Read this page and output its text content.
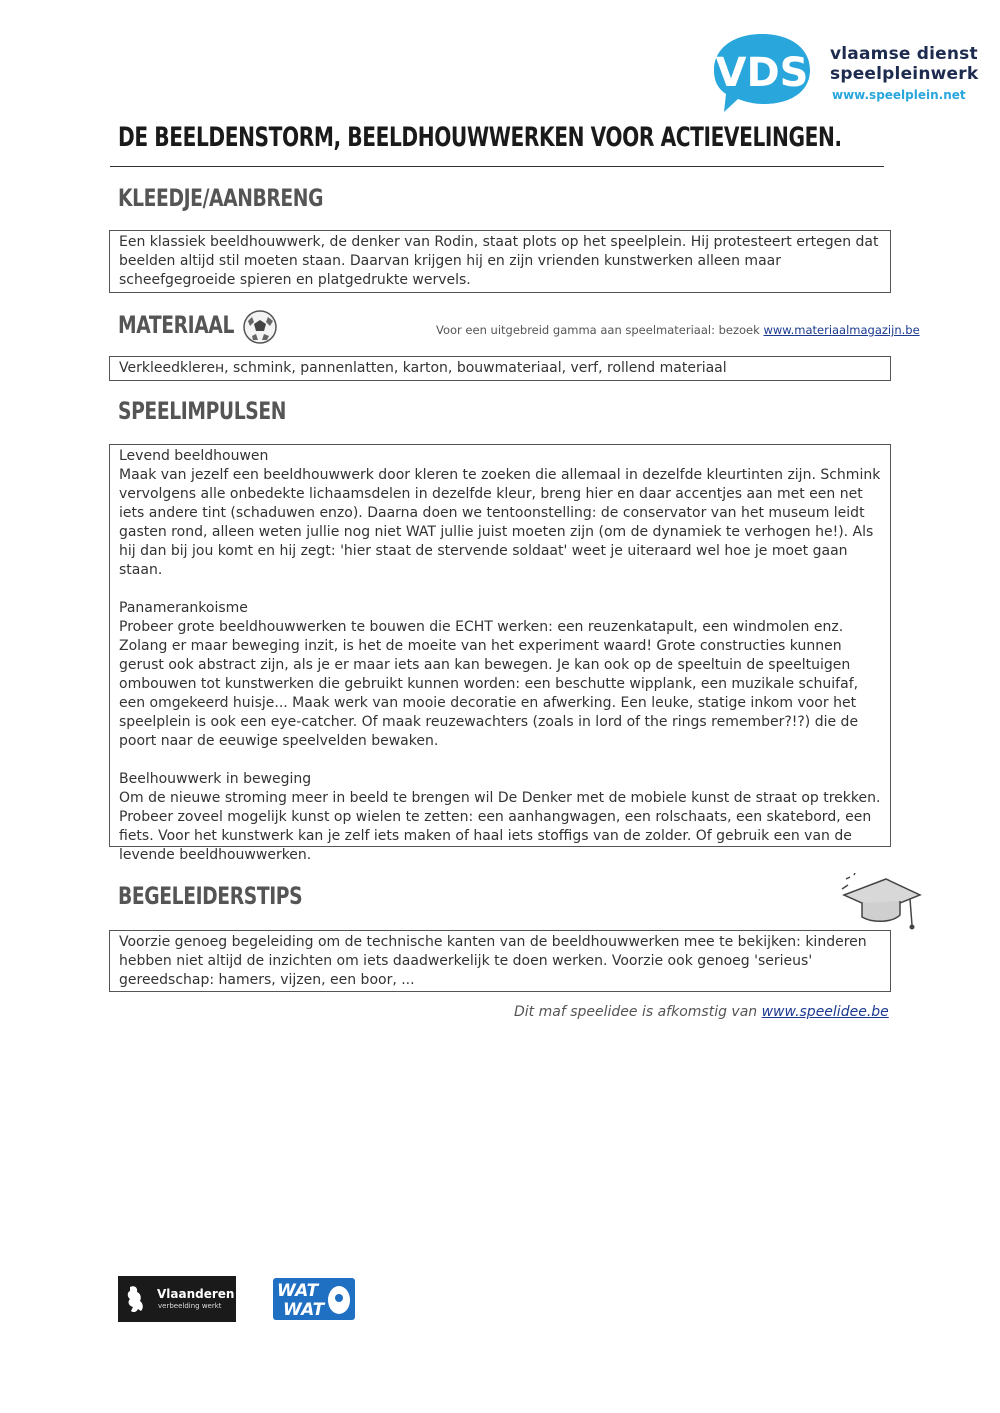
VDS vlaamse dienst
speelpleinwerk
www.speelplein.net
DE BEELDENSTORM, BEELDHOUWWERKEN VOOR ACTIEVELINGEN.
KLEEDJE/AANBRENG

Een klassiek beeldhouwwerk, de denker van Rodin, staat plots op het speelplein. Hij protesteert ertegen dat beelden altijd stil moeten staan. Daarvan krijgen hij en zijn vrienden kunstwerken alleen maar scheefgegroeide spieren en platgedrukte wervels.

MATERIAAL	Voor een uitgebreid gamma aan speelmateriaal: bezoek www.materiaalmagazijn.be

Verkleedklerен, schmink, pannenlatten, karton, bouwmateriaal, verf, rollend materiaal

SPEELIMPULSEN

Levend beeldhouwen

Maak van jezelf een beeldhouwwerk door kleren te zoeken die allemaal in dezelfde kleurtinten zijn. Schmink vervolgens alle onbedekte lichaamsdelen in dezelfde kleur, breng hier en daar accentjes aan met een net iets andere tint (schaduwen enzo). Daarna doen we tentoonstelling: de conservator van het museum leidt gasten rond, alleen weten jullie nog niet WAT jullie juist moeten zijn (om de dynamiek te verhogen he!). Als hij dan bij jou komt en hij zegt: 'hier staat de stervende soldaat' weet je uiteraard wel hoe je moet gaan staan.

Panamerankoisme

Probeer grote beeldhouwwerken te bouwen die ECHT werken: een reuzenkatapult, een windmolen enz. Zolang er maar beweging inzit, is het de moeite van het experiment waard! Grote constructies kunnen gerust ook abstract zijn, als je er maar iets aan kan bewegen. Je kan ook op de speeltuin de speeltuigen ombouwen tot kunstwerken die gebruikt kunnen worden: een beschutte wipplank, een muzikale schuifaf, een omgekeerd huisje... Maak werk van mooie decoratie en afwerking. Een leuke, statige inkom voor het speelplein is ook een eye-catcher. Of maak reuzewachters (zoals in lord of the rings remember?!?) die de poort naar de eeuwige speelvelden bewaken.

Beelhouwwerk in beweging

Om de nieuwe stroming meer in beeld te brengen wil De Denker met de mobiele kunst de straat op trekken. Probeer zoveel mogelijk kunst op wielen te zetten: een aanhangwagen, een rolschaats, een skatebord, een fiets. Voor het kunstwerk kan je zelf iets maken of haal iets stoffigs van de zolder. Of gebruik een van de levende beeldhouwwerken.

BEGELEIDERSTIPS

Voorzie genoeg begeleiding om de technische kanten van de beeldhouwwerken mee te bekijken: kinderen hebben niet altijd de inzichten om iets daadwerkelijk te doen werken. Voorzie ook genoeg 'serieus' gereedschap: hamers, vijzen, een boor, ...

Dit maf speelidee is afkomstig van www.speelidee.be
Vlaanderen
verbeelding werkt
WAT
WAT
